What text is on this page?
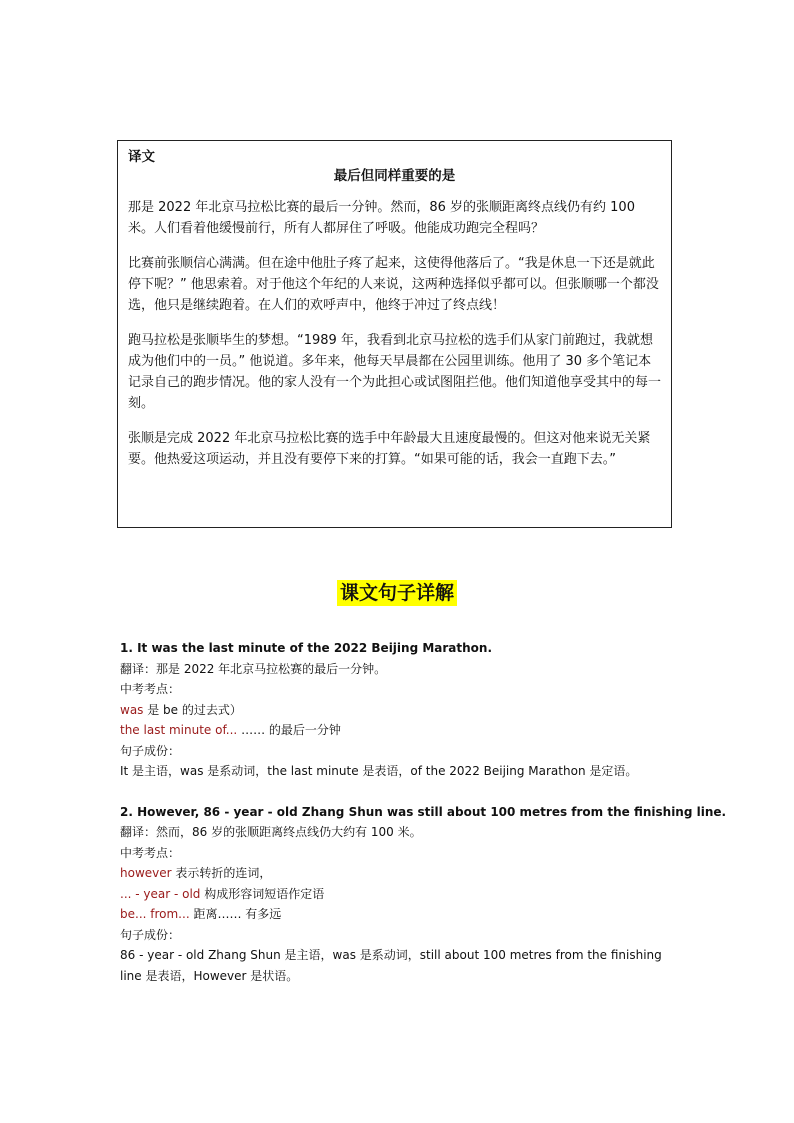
译文
最后但同样重要的是
那是 2022 年北京马拉松比赛的最后一分钟。然而，86 岁的张顺距离终点线仍有约 100 米。人们看着他缓慢前行，所有人都屏住了呼吸。他能成功跑完全程吗？
比赛前张顺信心满满。但在途中他肚子疼了起来，这使得他落后了。“我是休息一下还是就此停下呢？” 他思索着。对于他这个年纪的人来说，这两种选择似乎都可以。但张顺哪一个都没选，他只是继续跑着。在人们的欢呼声中，他终于冲过了终点线！
跑马拉松是张顺毕生的梦想。“1989 年，我看到北京马拉松的选手们从家门前跑过，我就想成为他们中的一员。” 他说道。多年来，他每天早晨都在公园里训练。他用了 30 多个笔记本记录自己的跑步情况。他的家人没有一个为此担心或试图阻拦他。他们知道他享受其中的每一刻。
张顺是完成 2022 年北京马拉松比赛的选手中年龄最大且速度最慢的。但这对他来说无关紧要。他热爱这项运动，并且没有要停下来的打算。“如果可能的话，我会一直跑下去。”
课文句子详解
1. It was the last minute of the 2022 Beijing Marathon.
翻译：那是 2022 年北京马拉松赛的最后一分钟。
中考考点：
was 是 be 的过去式）
the last minute of... …… 的最后一分钟
句子成份：
It 是主语，was 是系动词，the last minute 是表语，of the 2022 Beijing Marathon 是定语。
2. However, 86 - year - old Zhang Shun was still about 100 metres from the finishing line.
翻译：然而，86 岁的张顺距离终点线仍大约有 100 米。
中考考点：
however 表示转折的连词，
... - year - old 构成形容词短语作定语
be... from... 距离…… 有多远
句子成份：
86 - year - old Zhang Shun 是主语，was 是系动词，still about 100 metres from the finishing line 是表语，However 是状语。
